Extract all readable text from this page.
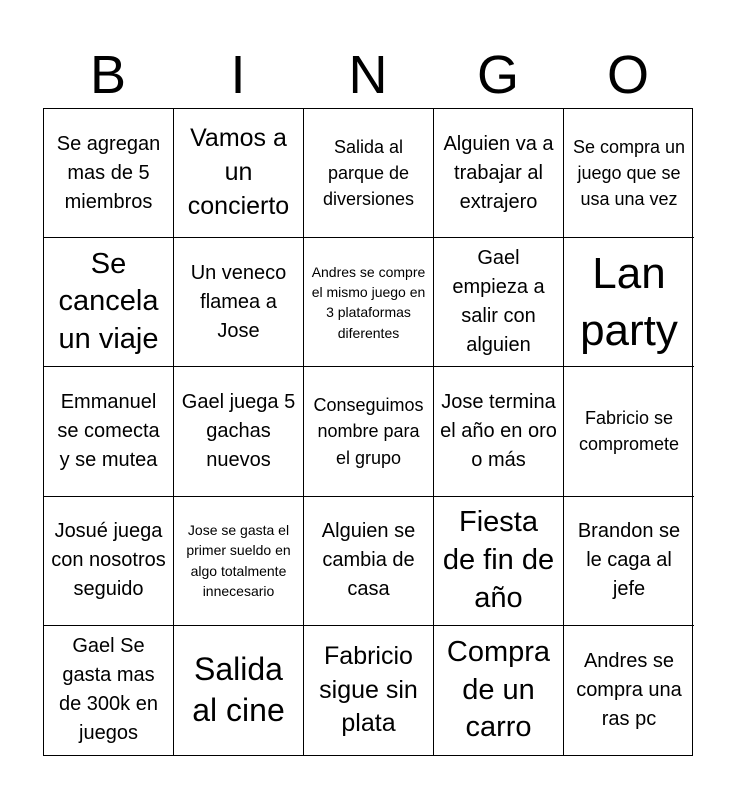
B	I	N	G	O
Se agregan mas de 5 miembros
Vamos a un concierto
Salida al parque de diversiones
Alguien va a trabajar al extrajero
Se compra un juego que se usa una vez
Se cancela un viaje
Un veneco flamea a Jose
Andres se compre el mismo juego en 3 plataformas diferentes
Gael empieza a salir con alguien
Lan party
Emmanuel se comecta y se mutea
Gael juega 5 gachas nuevos
Conseguimos nombre para el grupo
Jose termina el año en oro o más
Fabricio se compromete
Josué juega con nosotros seguido
Jose se gasta el primer sueldo en algo totalmente innecesario
Alguien se cambia de casa
Fiesta de fin de año
Brandon se le caga al jefe
Gael Se gasta mas de 300k en juegos
Salida al cine
Fabricio sigue sin plata
Compra de un carro
Andres se compra una ras pc
